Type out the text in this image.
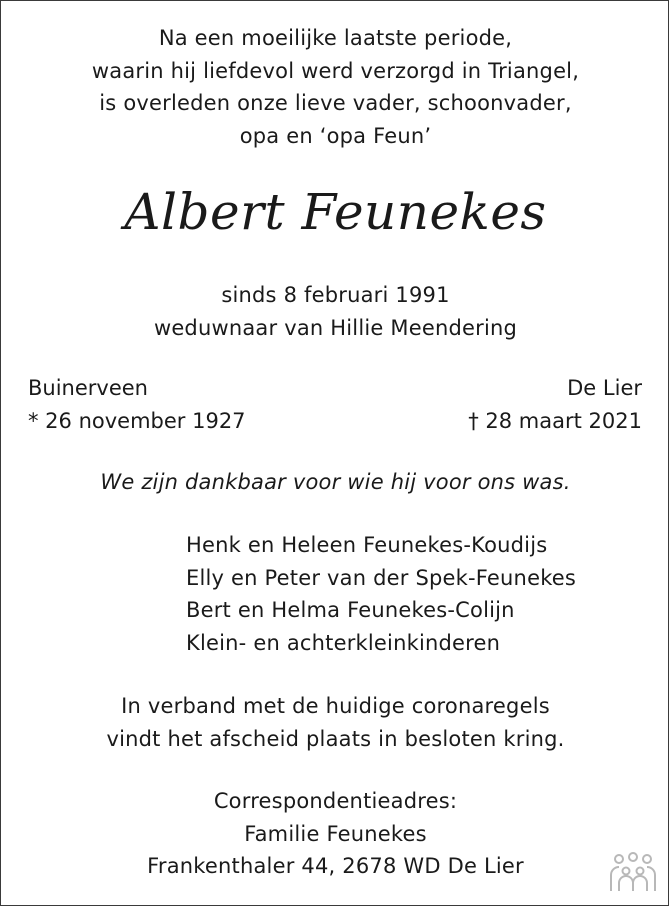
Na een moeilijke laatste periode,
waarin hij liefdevol werd verzorgd in Triangel,
is overleden onze lieve vader, schoonvader,
opa en ‘opa Feun’
Albert Feunekes
sinds 8 februari 1991
weduwnaar van Hillie Meendering
Buinerveen
* 26 november 1927
De Lier
† 28 maart 2021
We zijn dankbaar voor wie hij voor ons was.
Henk en Heleen Feunekes-Koudijs
Elly en Peter van der Spek-Feunekes
Bert en Helma Feunekes-Colijn
Klein- en achterkleinkinderen
In verband met de huidige coronaregels
vindt het afscheid plaats in besloten kring.
Correspondentieadres:
Familie Feunekes
Frankenthaler 44, 2678 WD De Lier
